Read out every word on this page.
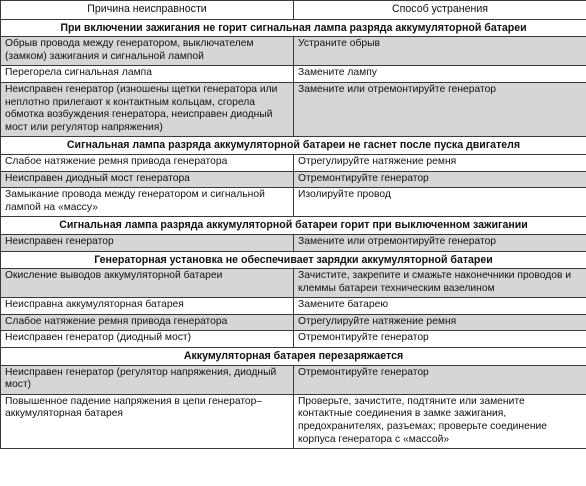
Причина неисправности	Способ устранения
При включении зажигания не горит сигнальная лампа разряда аккумуляторной батареи	
Обрыв провода между генератором, выключателем (замком) зажигания и сигнальной лампой	Устраните обрыв
Перегорела сигнальная лампа	Замените лампу
Неисправен генератор (изношены щетки генератора или неплотно прилегают к контактным кольцам, сгорела обмотка возбуждения генератора, неисправен диодный мост или регулятор напряжения)	Замените или отремонтируйте генератор
Сигнальная лампа разряда аккумуляторной батареи не гаснет после пуска двигателя	
Слабое натяжение ремня привода генератора	Отрегулируйте натяжение ремня
Неисправен диодный мост генератора	Отремонтируйте генератор
Замыкание провода между генератором и сигнальной лампой на «массу»	Изолируйте провод
Сигнальная лампа разряда аккумуляторной батареи горит при выключенном зажигании	
Неисправен генератор	Замените или отремонтируйте генератор
Генераторная установка не обеспечивает зарядки аккумуляторной батареи	
Окисление выводов аккумуляторной батареи	Зачистите, закрепите и смажьте наконечники проводов и клеммы батареи техническим вазелином
Неисправна аккумуляторная батарея	Замените батарею
Слабое натяжение ремня привода генератора	Отрегулируйте натяжение ремня
Неисправен генератор (диодный мост)	Отремонтируйте генератор
Аккумуляторная батарея перезаряжается	
Неисправен генератор (регулятор напряжения, диодный мост)	Отремонтируйте генератор
Повышенное падение напряжения в цепи генератор–аккумуляторная батарея	Проверьте, зачистите, подтяните или замените контактные соединения в замке зажигания, предохранителях, разъемах; проверьте соединение корпуса генератора с «массой»
